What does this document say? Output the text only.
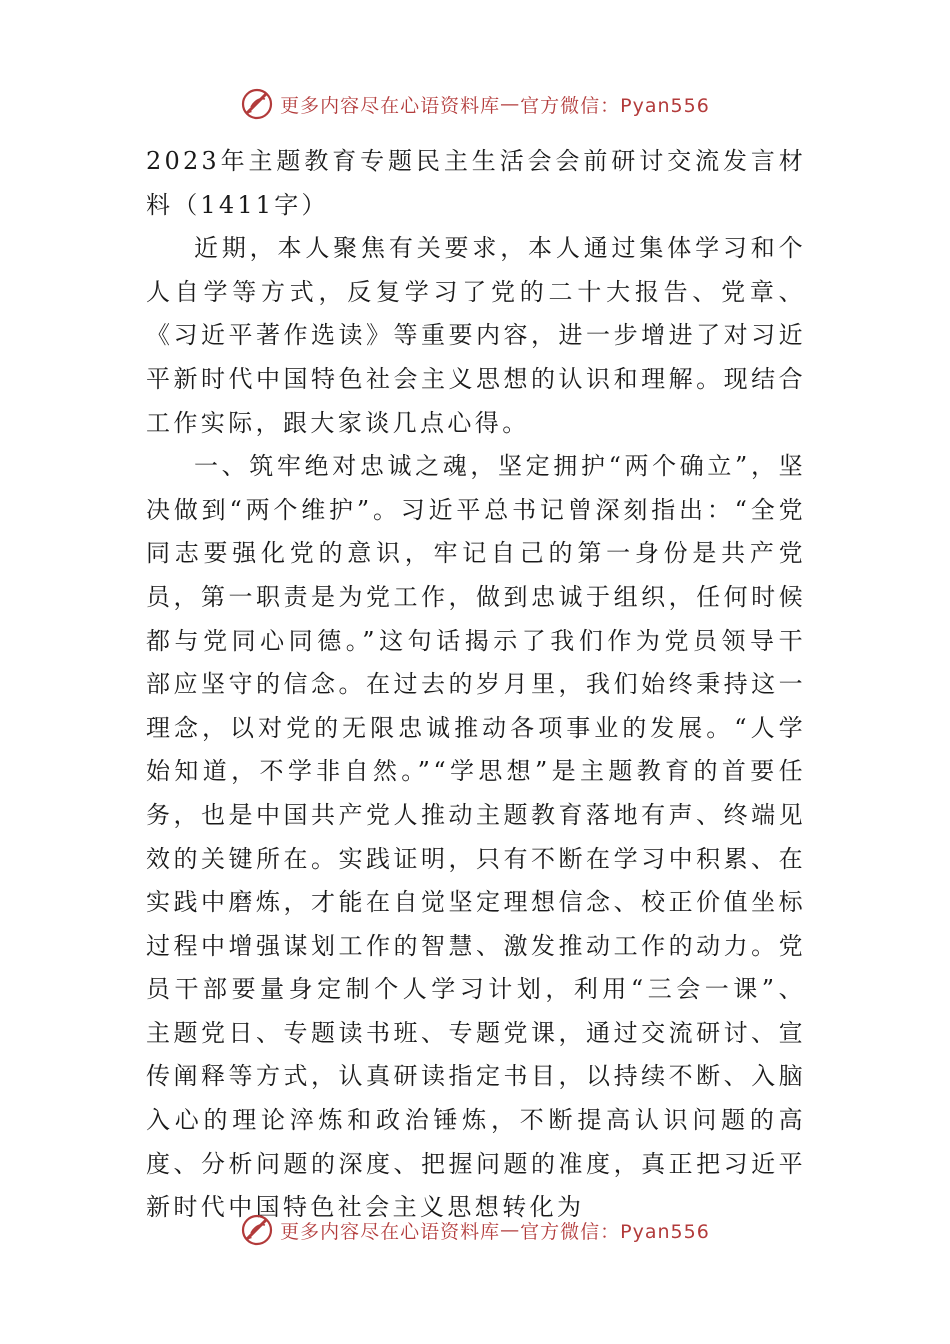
更多内容尽在心语资料库 — 官方微信：Pyan556

2023年主题教育专题民主生活会会前研讨交流发言材料（1411字）

近期，本人聚焦有关要求，本人通过集体学习和个人自学等方式，反复学习了党的二十大报告、党章、《习近平著作选读》等重要内容，进一步增进了对习近平新时代中国特色社会主义思想的认识和理解。现结合工作实际，跟大家谈几点心得。

一、筑牢绝对忠诚之魂，坚定拥护“两个确立”，坚决做到“两个维护”。习近平总书记曾深刻指出：“全党同志要强化党的意识，牢记自己的第一身份是共产党员，第一职责是为党工作，做到忠诚于组织，任何时候都与党同心同德。”这句话揭示了我们作为党员领导干部应坚守的信念。在过去的岁月里，我们始终秉持这一理念，以对党的无限忠诚推动各项事业的发展。“人学始知道，不学非自然。”“学思想”是主题教育的首要任务，也是中国共产党人推动主题教育落地有声、终端见效的关键所在。实践证明，只有不断在学习中积累、在实践中磨炼，才能在自觉坚定理想信念、校正价值坐标过程中增强谋划工作的智慧、激发推动工作的动力。党员干部要量身定制个人学习计划，利用“三会一课”、主题党日、专题读书班、专题党课，通过交流研讨、宣传阐释等方式，认真研读指定书目，以持续不断、入脑入心的理论淬炼和政治锤炼，不断提高认识问题的高度、分析问题的深度、把握问题的准度，真正把习近平新时代中国特色社会主义思想转化为

更多内容尽在心语资料库 — 官方微信：Pyan556
